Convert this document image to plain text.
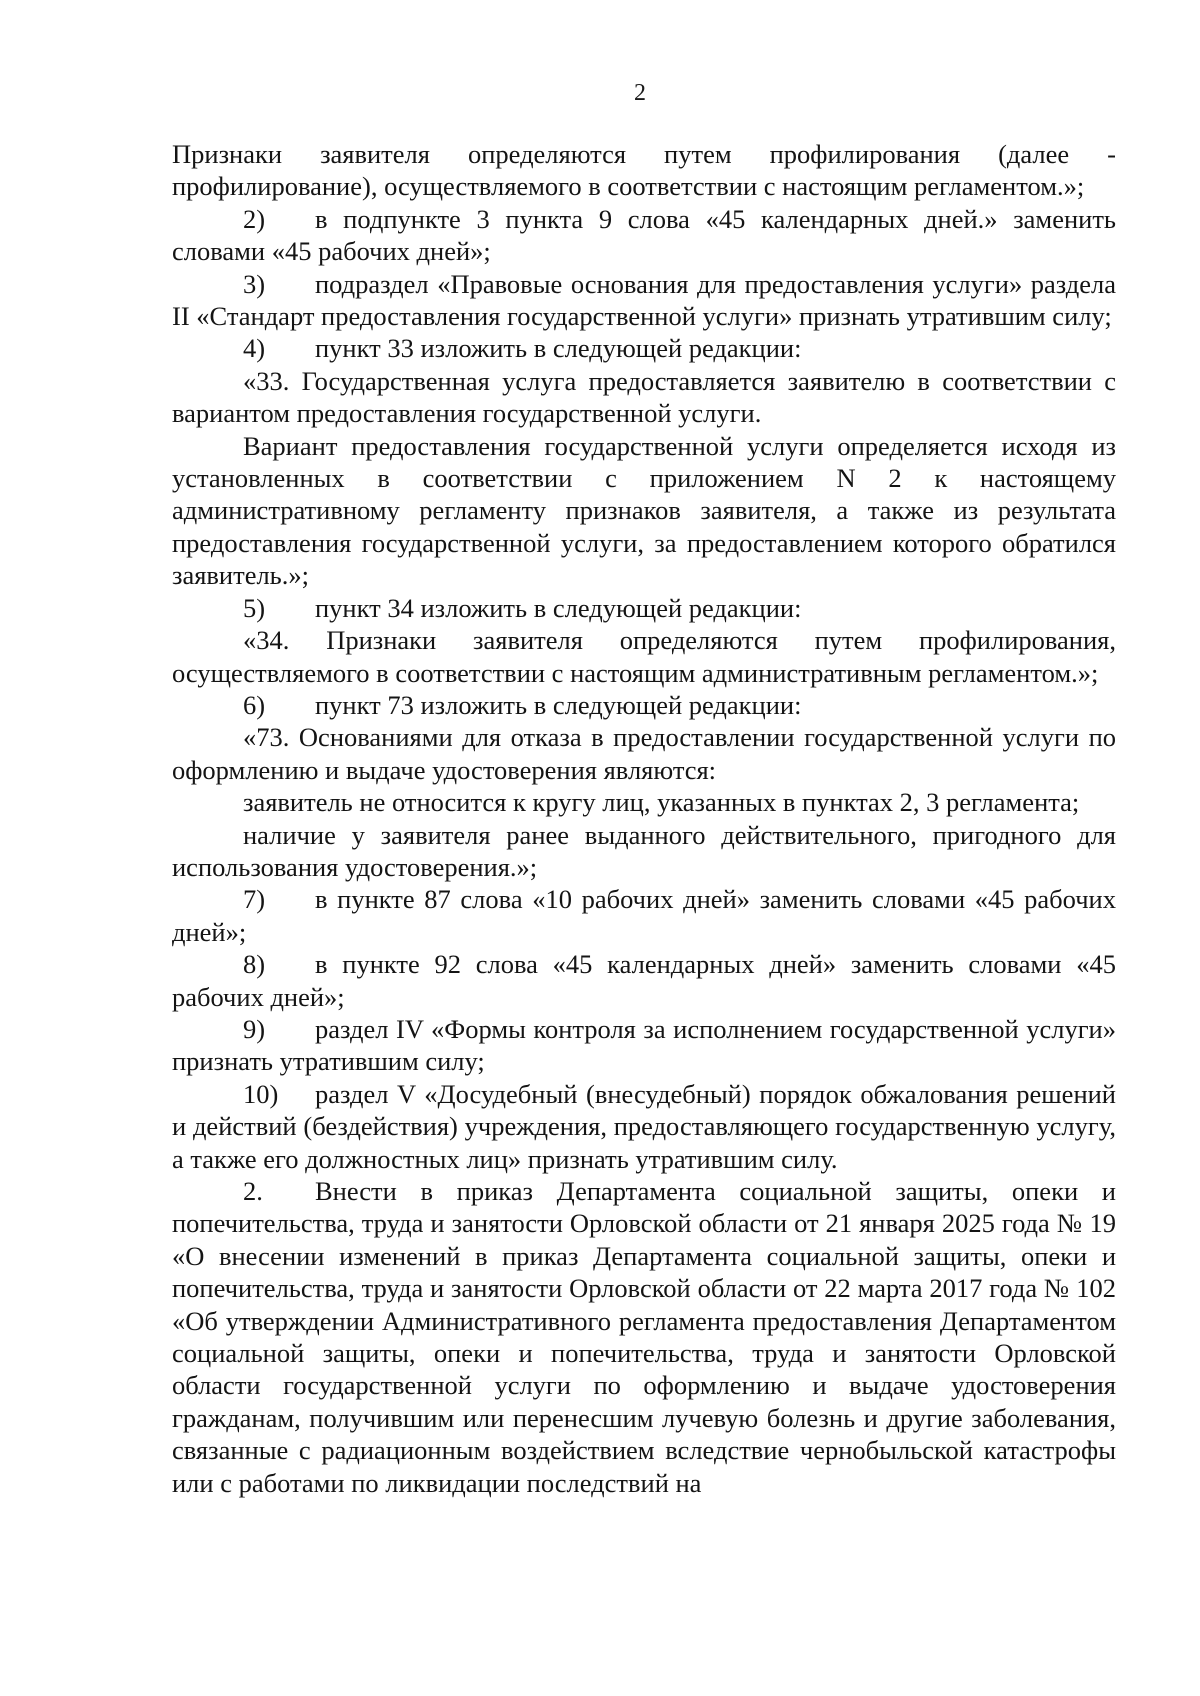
2

Признаки заявителя определяются путем профилирования (далее - профилирование), осуществляемого в соответствии с настоящим регламентом.»;

2) в подпункте 3 пункта 9 слова «45 календарных дней.» заменить словами «45 рабочих дней»;

3) подраздел «Правовые основания для предоставления услуги» раздела II «Стандарт предоставления государственной услуги» признать утратившим силу;

4) пункт 33 изложить в следующей редакции:

«33. Государственная услуга предоставляется заявителю в соответствии с вариантом предоставления государственной услуги.

Вариант предоставления государственной услуги определяется исходя из установленных в соответствии с приложением N 2 к настоящему административному регламенту признаков заявителя, а также из результата предоставления государственной услуги, за предоставлением которого обратился заявитель.»;

5) пункт 34 изложить в следующей редакции:

«34. Признаки заявителя определяются путем профилирования, осуществляемого в соответствии с настоящим административным регламентом.»;

6) пункт 73 изложить в следующей редакции:

«73. Основаниями для отказа в предоставлении государственной услуги по оформлению и выдаче удостоверения являются:

заявитель не относится к кругу лиц, указанных в пунктах 2, 3 регламента;

наличие у заявителя ранее выданного действительного, пригодного для использования удостоверения.»;

7) в пункте 87 слова «10 рабочих дней» заменить словами «45 рабочих дней»;

8) в пункте 92 слова «45 календарных дней» заменить словами «45 рабочих дней»;

9) раздел IV «Формы контроля за исполнением государственной услуги» признать утратившим силу;

10) раздел V «Досудебный (внесудебный) порядок обжалования решений и действий (бездействия) учреждения, предоставляющего государственную услугу, а также его должностных лиц» признать утратившим силу.

2. Внести в приказ Департамента социальной защиты, опеки и попечительства, труда и занятости Орловской области от 21 января 2025 года № 19 «О внесении изменений в приказ Департамента социальной защиты, опеки и попечительства, труда и занятости Орловской области от 22 марта 2017 года № 102 «Об утверждении Административного регламента предоставления Департаментом социальной защиты, опеки и попечительства, труда и занятости Орловской области государственной услуги по оформлению и выдаче удостоверения гражданам, получившим или перенесшим лучевую болезнь и другие заболевания, связанные с радиационным воздействием вследствие чернобыльской катастрофы или с работами по ликвидации последствий на
